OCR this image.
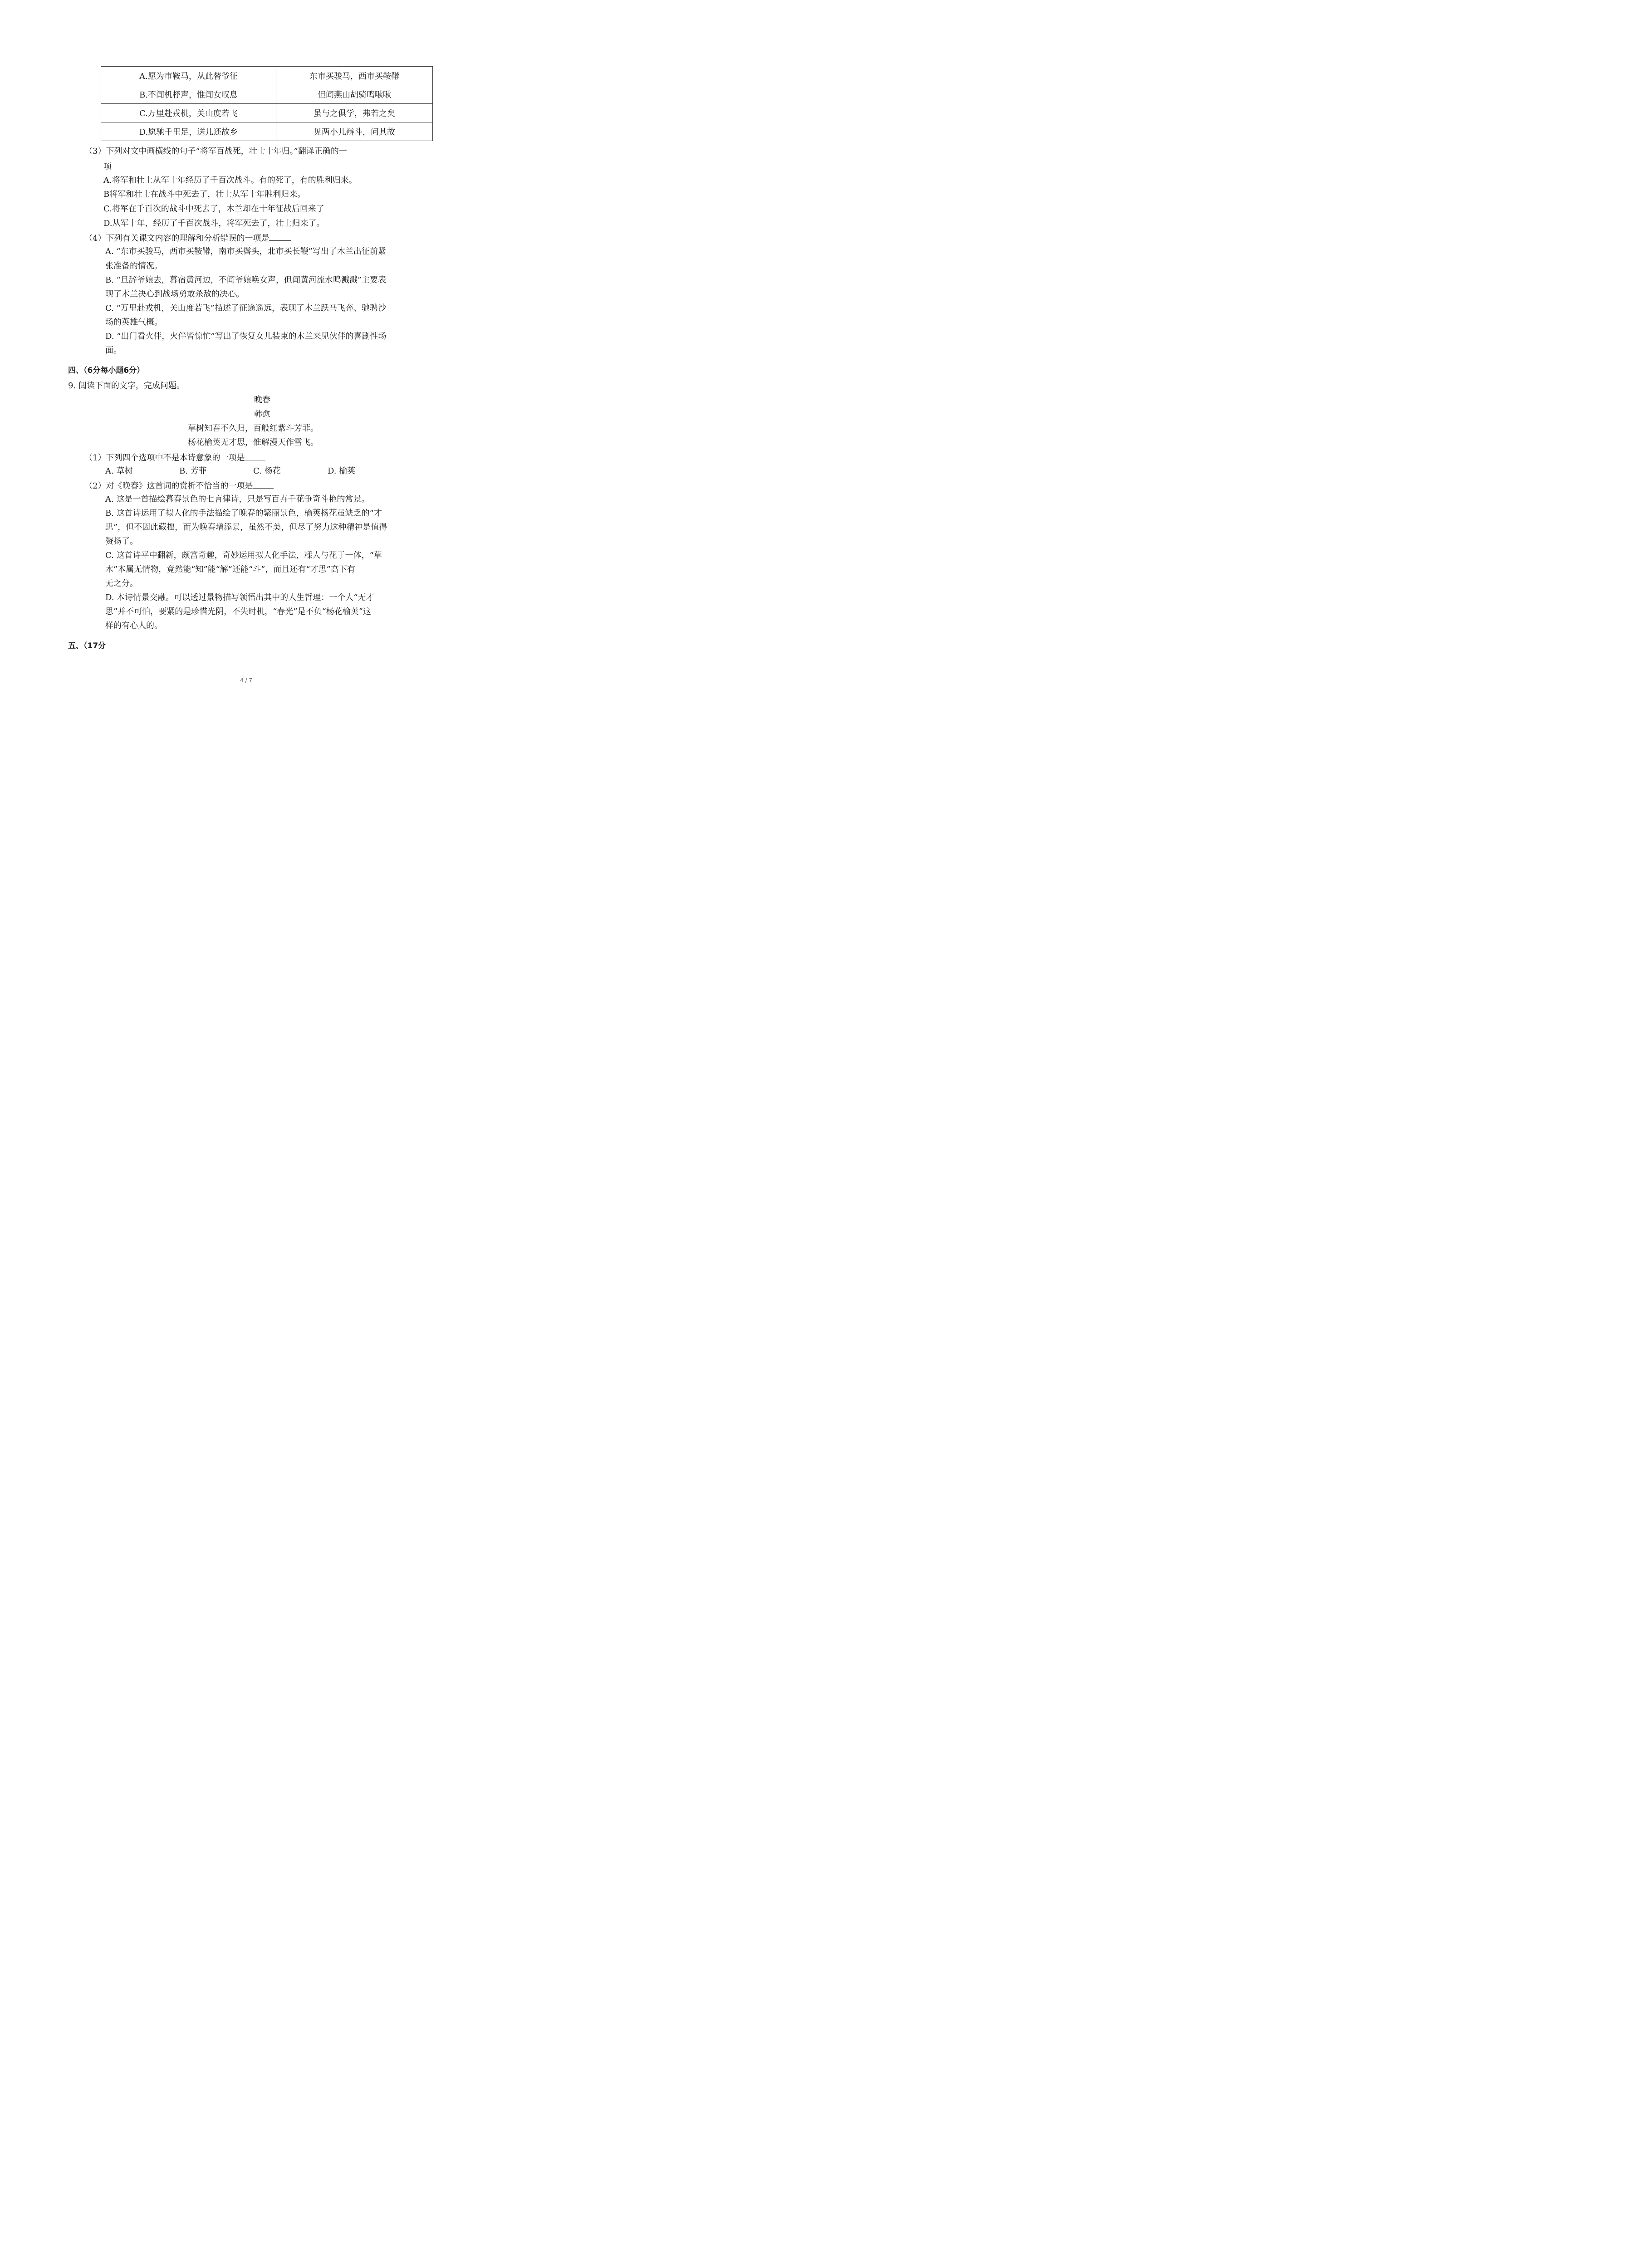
A.愿为市鞍马，从此替爷征	东市买骏马，西市买鞍鞯
B.不闻机杼声，惟闻女叹息	但闻燕山胡骑鸣啾啾
C.万里赴戎机，关山度若飞	虽与之俱学，弗若之矣
D.愿驰千里足，送儿还故乡	见两小儿辩斗，问其故
（3）下列对文中画横线的句子“将军百战死，壮士十年归。”翻译正确的一
项
A.将军和壮士从军十年经历了千百次战斗。有的死了，有的胜利归来。
B将军和壮士在战斗中死去了，壮士从军十年胜利归来。
C.将军在千百次的战斗中死去了，木兰却在十年征战后回来了
D.从军十年，经历了千百次战斗，将军死去了，壮士归来了。
（4）下列有关课文内容的理解和分析错误的一项是
A. “东市买骏马，西市买鞍鞯，南市买辔头，北市买长鞭”写出了木兰出征前紧
张准备的情况。
B. “旦辞爷娘去，暮宿黄河边，不闻爷娘唤女声，但闻黄河流水鸣溅溅”主要表
现了木兰决心到战场勇敢杀敌的决心。
C. “万里赴戎机，关山度若飞”描述了征途遥远，表现了木兰跃马飞奔、驰骋沙
场的英雄气概。
D. “出门看火伴，火伴皆惊忙”写出了恢复女儿装束的木兰来见伙伴的喜剧性场
面。
四、（6分每小题6分）
9. 阅读下面的文字，完成问题。
晚春
韩愈
草树知春不久归，百般红紫斗芳菲。
杨花榆荚无才思，惟解漫天作雪飞。
（1）下列四个选项中不是本诗意象的一项是
A. 草树	B. 芳菲	C. 杨花	D. 榆荚
（2）对《晚春》这首词的赏析不恰当的一项是
A. 这是一首描绘暮春景色的七言律诗，只是写百卉千花争奇斗艳的常景。
B. 这首诗运用了拟人化的手法描绘了晚春的繁丽景色，榆荚杨花虽缺乏的“才
思”，但不因此藏拙，而为晚春增添景，虽然不美，但尽了努力这种精神是值得
赞扬了。
C. 这首诗平中翻新，颇富奇趣，奇妙运用拟人化手法，糅人与花于一体，“草
木”本属无情物，竟然能“知”能“解”还能“斗”，而且还有“才思”高下有
无之分。
D. 本诗情景交融。可以透过景物描写领悟出其中的人生哲理：一个人“无才
思”并不可怕，要紧的是珍惜光阴，不失时机，“春光”是不负“杨花榆荚”这
样的有心人的。
五、（17分
4 / 7
